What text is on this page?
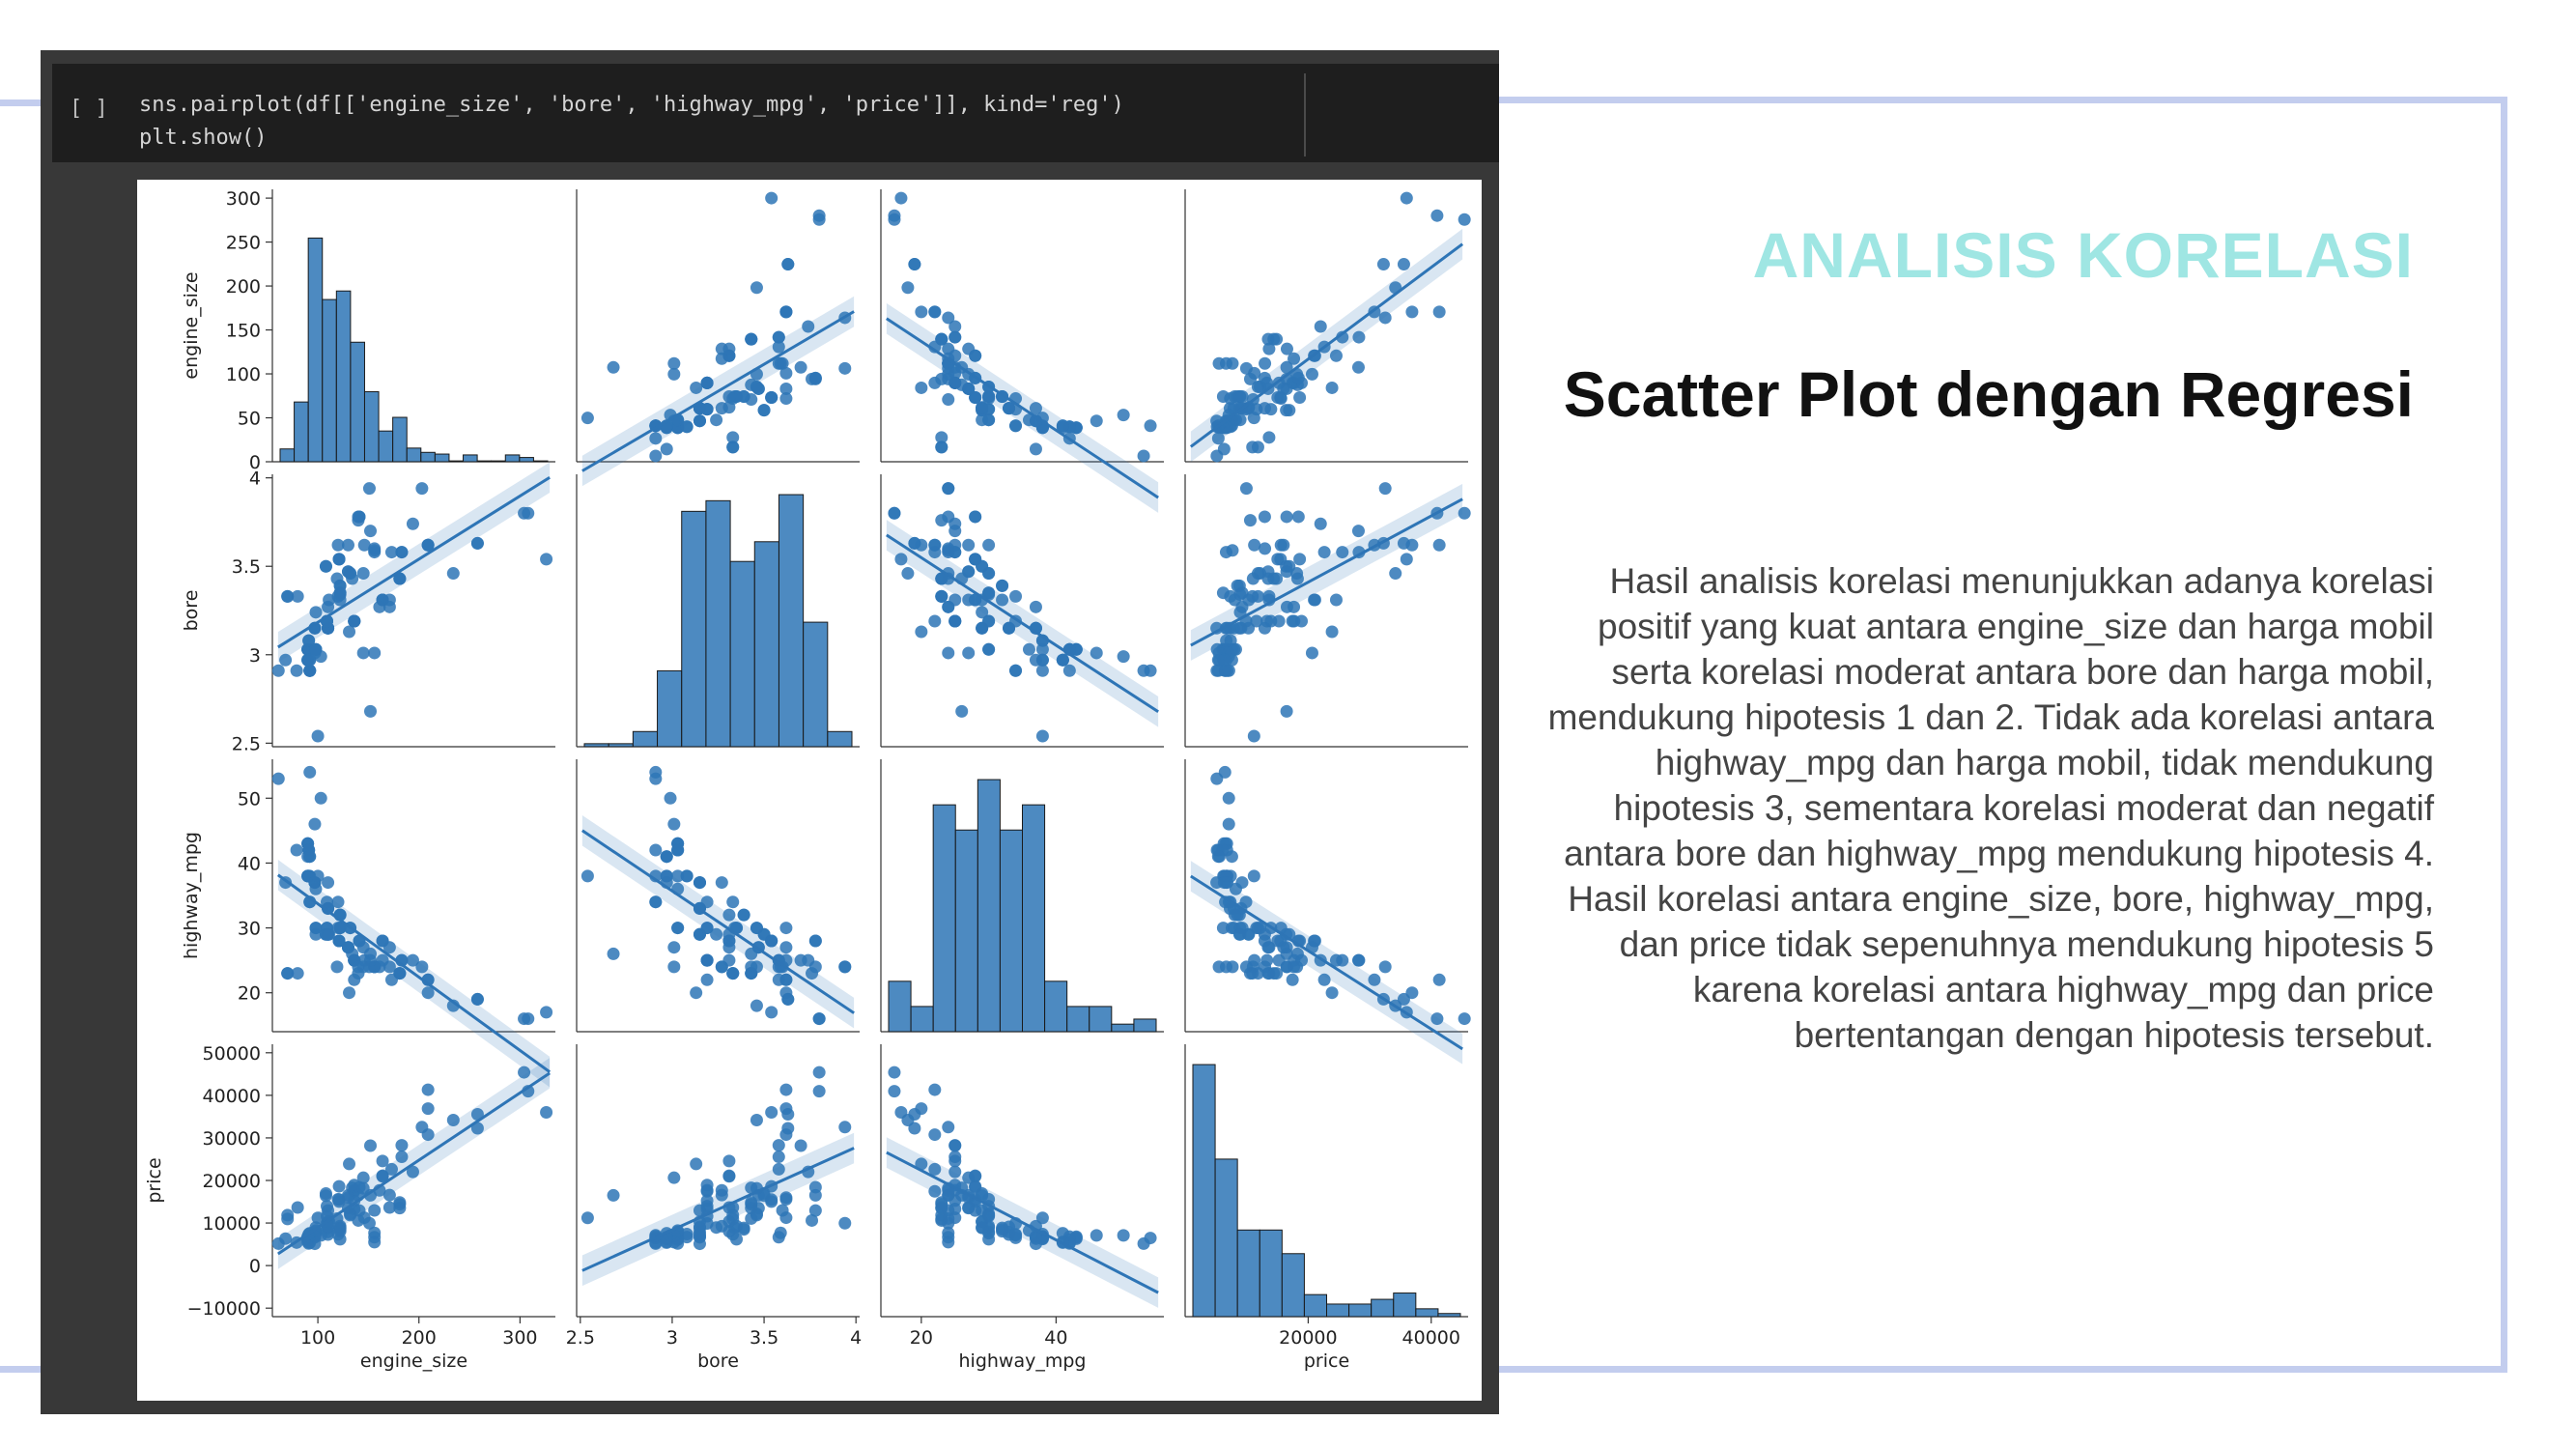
[ ] sns.pairplot(df[['engine_size', 'bore', 'highway_mpg', 'price']], kind='reg')
plt.show()
0
50
100
150
200
250
300
engine_size
2.5
3
3.5
4
bore
20
30
40
50
highway_mpg
−10000
0
10000
20000
30000
40000
50000
price
100	200	300
engine_size
2.5	3	3.5	4
bore
20	40
highway_mpg
20000	40000
price
ANALISIS KORELASI
Scatter Plot dengan Regresi
Hasil analisis korelasi menunjukkan adanya korelasi positif yang kuat antara engine_size dan harga mobil serta korelasi moderat antara bore dan harga mobil, mendukung hipotesis 1 dan 2. Tidak ada korelasi antara highway_mpg dan harga mobil, tidak mendukung hipotesis 3, sementara korelasi moderat dan negatif antara bore dan highway_mpg mendukung hipotesis 4. Hasil korelasi antara engine_size, bore, highway_mpg, dan price tidak sepenuhnya mendukung hipotesis 5 karena korelasi antara highway_mpg dan price bertentangan dengan hipotesis tersebut.
